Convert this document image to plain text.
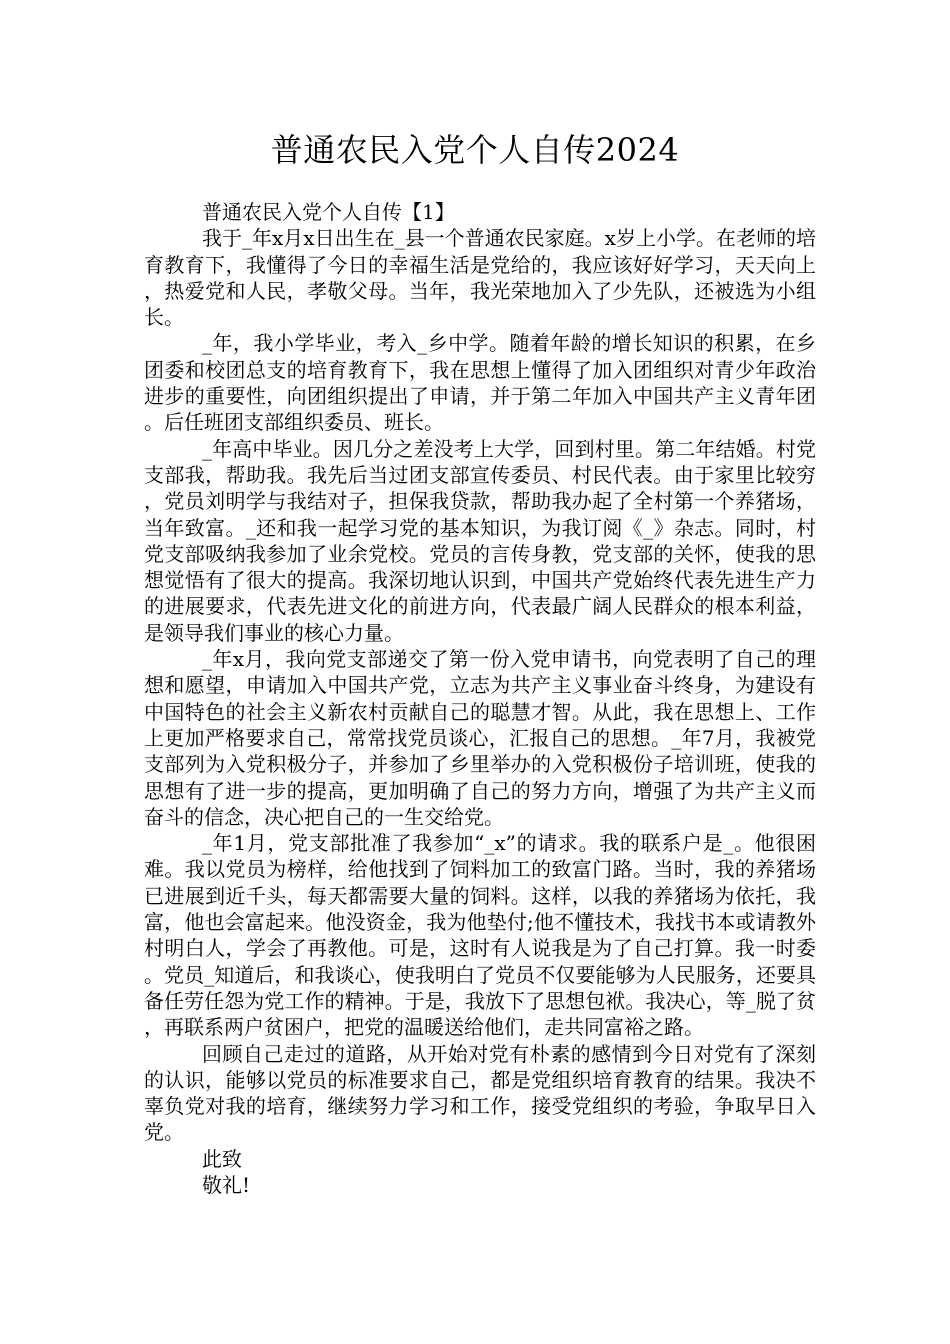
普通农民入党个人自传2024

普通农民入党个人自传【1】

我于_年x月x日出生在_县一个普通农民家庭。x岁上小学。在老师的培育教育下，我懂得了今日的幸福生活是党给的，我应该好好学习，天天向上，热爱党和人民，孝敬父母。当年，我光荣地加入了少先队，还被选为小组长。

_年，我小学毕业，考入_乡中学。随着年龄的增长知识的积累，在乡团委和校团总支的培育教育下，我在思想上懂得了加入团组织对青少年政治进步的重要性，向团组织提出了申请，并于第二年加入中国共产主义青年团。后任班团支部组织委员、班长。

_年高中毕业。因几分之差没考上大学，回到村里。第二年结婚。村党支部我，帮助我。我先后当过团支部宣传委员、村民代表。由于家里比较穷，党员刘明学与我结对子，担保我贷款，帮助我办起了全村第一个养猪场，当年致富。_还和我一起学习党的基本知识，为我订阅《_》杂志。同时，村党支部吸纳我参加了业余党校。党员的言传身教，党支部的关怀，使我的思想觉悟有了很大的提高。我深切地认识到，中国共产党始终代表先进生产力的进展要求，代表先进文化的前进方向，代表最广阔人民群众的根本利益，是领导我们事业的核心力量。

_年x月，我向党支部递交了第一份入党申请书，向党表明了自己的理想和愿望，申请加入中国共产党，立志为共产主义事业奋斗终身，为建设有中国特色的社会主义新农村贡献自己的聪慧才智。从此，我在思想上、工作上更加严格要求自己，常常找党员谈心，汇报自己的思想。_年7月，我被党支部列为入党积极分子，并参加了乡里举办的入党积极份子培训班，使我的思想有了进一步的提高，更加明确了自己的努力方向，增强了为共产主义而奋斗的信念，决心把自己的一生交给党。

_年1月，党支部批准了我参加“_x”的请求。我的联系户是_。他很困难。我以党员为榜样，给他找到了饲料加工的致富门路。当时，我的养猪场已进展到近千头，每天都需要大量的饲料。这样，以我的养猪场为依托，我富，他也会富起来。他没资金，我为他垫付;他不懂技术，我找书本或请教外村明白人，学会了再教他。可是，这时有人说我是为了自己打算。我一时委。党员_知道后，和我谈心，使我明白了党员不仅要能够为人民服务，还要具备任劳任怨为党工作的精神。于是，我放下了思想包袱。我决心，等_脱了贫，再联系两户贫困户，把党的温暖送给他们，走共同富裕之路。

回顾自己走过的道路，从开始对党有朴素的感情到今日对党有了深刻的认识，能够以党员的标准要求自己，都是党组织培育教育的结果。我决不辜负党对我的培育，继续努力学习和工作，接受党组织的考验，争取早日入党。

此致

敬礼!
